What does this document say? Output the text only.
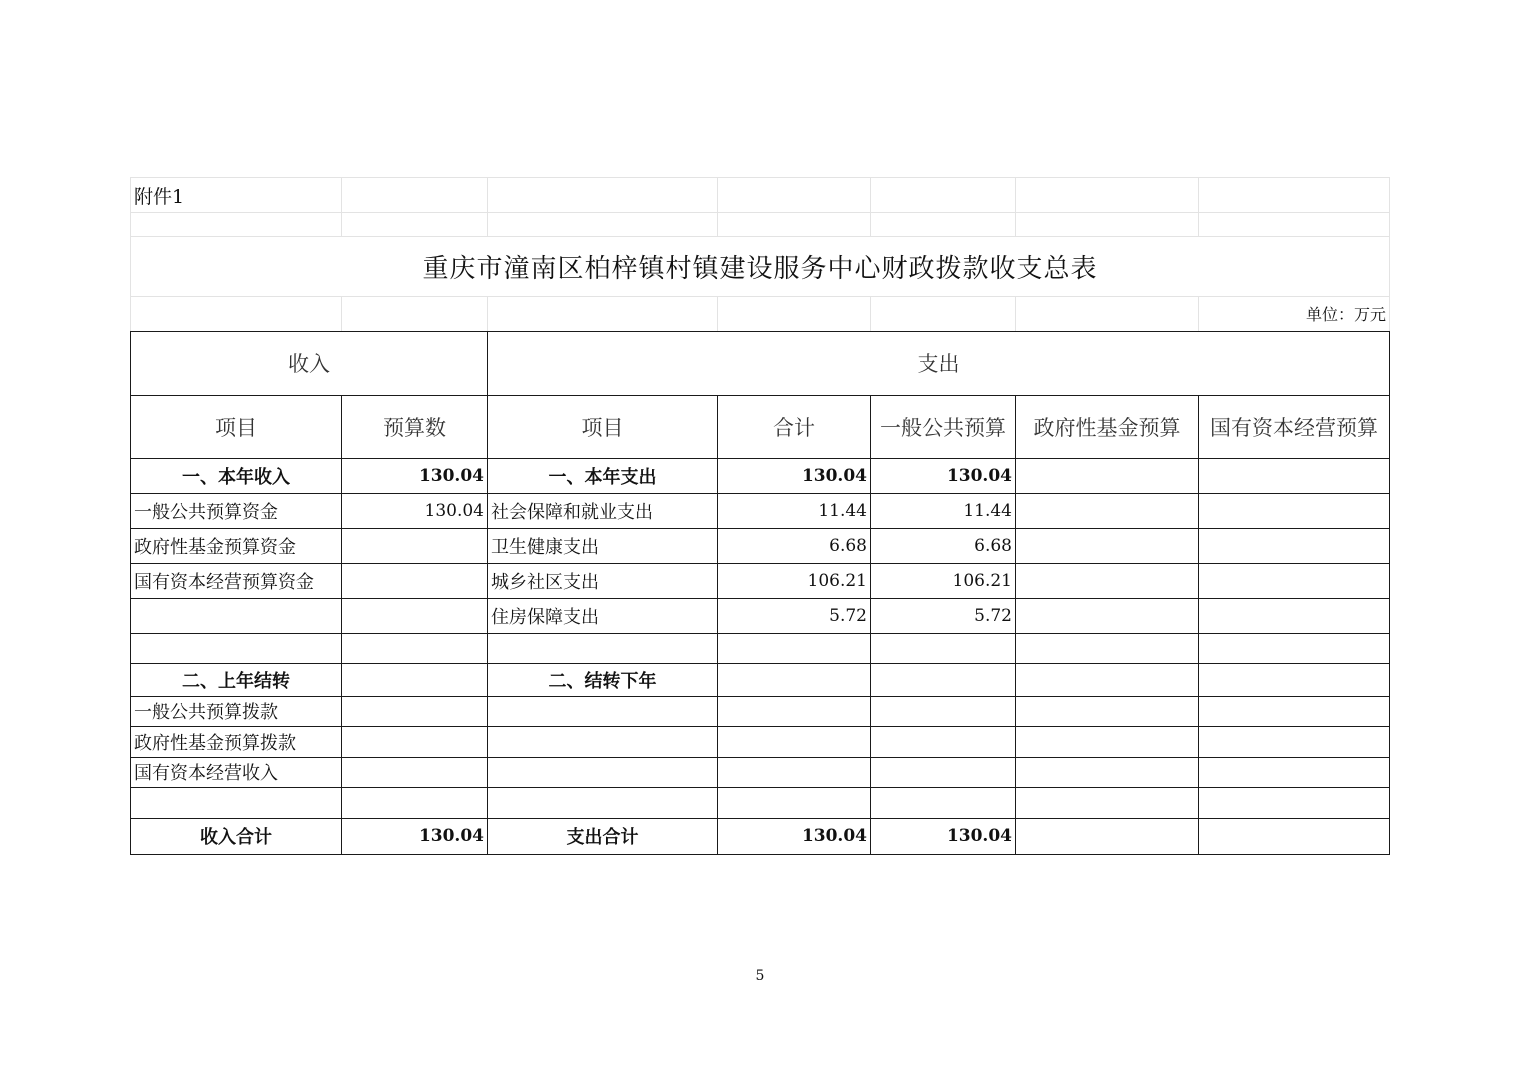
附件1						

重庆市潼南区柏梓镇村镇建设服务中心财政拨款收支总表						
						单位：万元
收入		支出				
项目	预算数	项目	合计	一般公共预算	政府性基金预算	国有资本经营预算
一、本年收入	130.04	一、本年支出	130.04	130.04		
一般公共预算资金	130.04	社会保障和就业支出	11.44	11.44		
政府性基金预算资金		卫生健康支出	6.68	6.68		
国有资本经营预算资金		城乡社区支出	106.21	106.21		
		住房保障支出	5.72	5.72		

二、上年结转		二、结转下年				
一般公共预算拨款						
政府性基金预算拨款						
国有资本经营收入						

收入合计	130.04	支出合计	130.04	130.04		
5
